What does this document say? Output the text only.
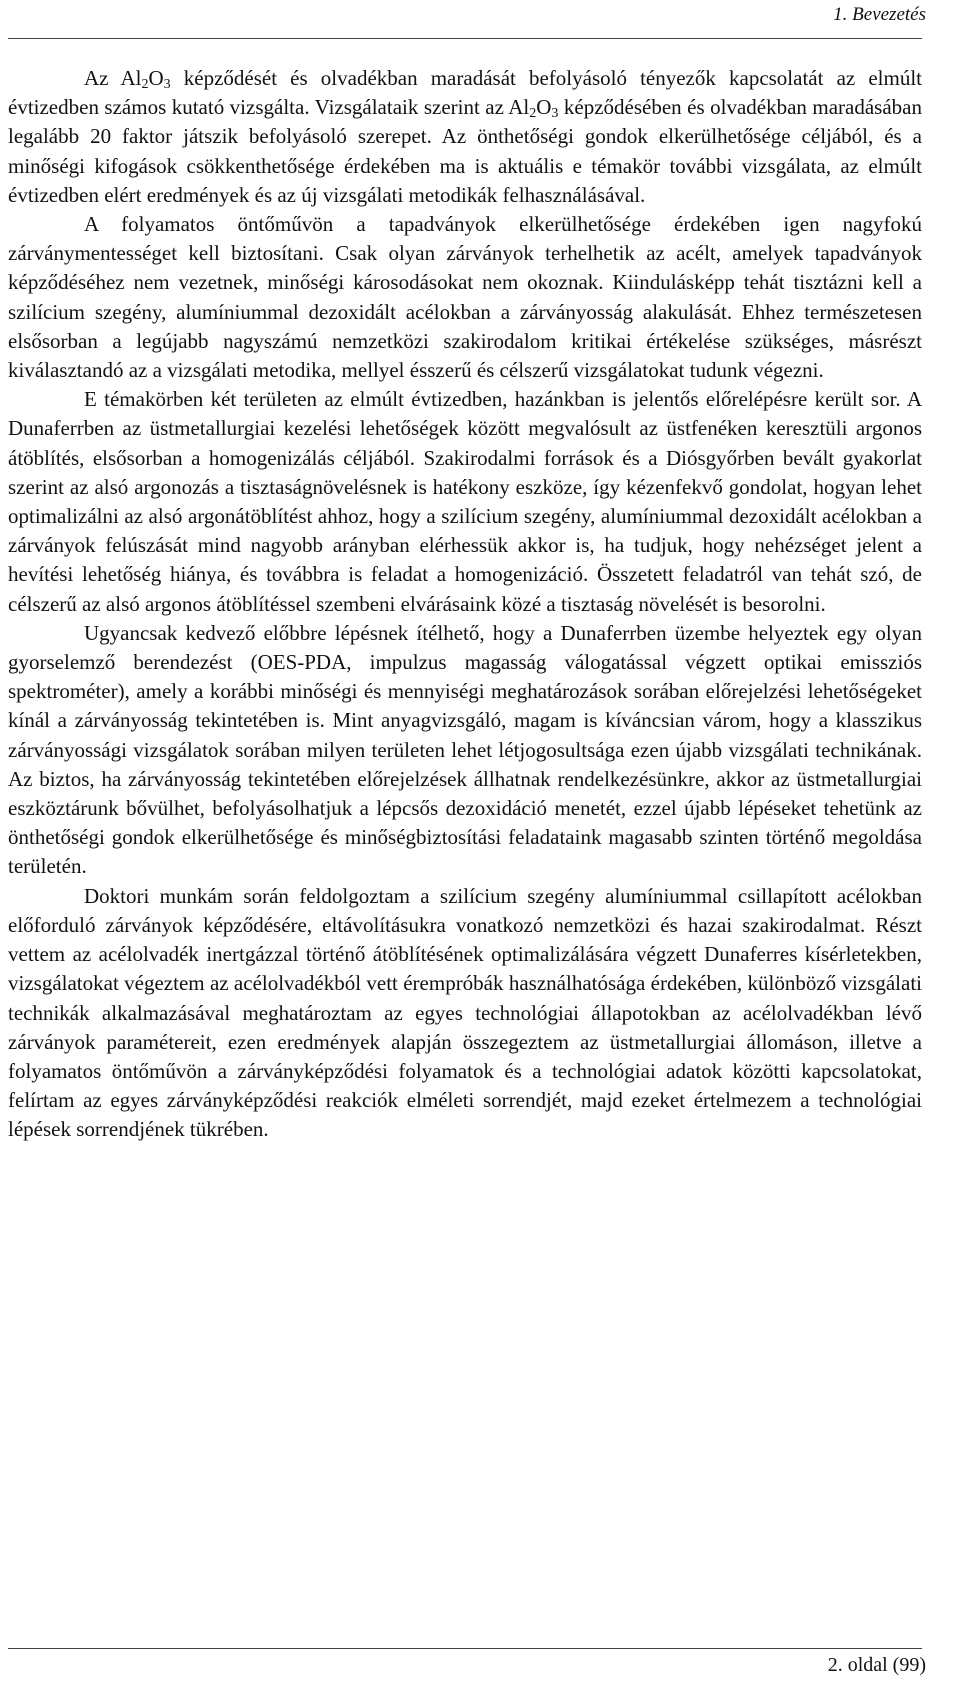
1. Bevezetés

Az $Al_2O_3$ képződését és olvadékban maradását befolyásoló tényezők kapcsolatát az elmúlt évtizedben számos kutató vizsgálta. Vizsgálataik szerint az $Al_2O_3$ képződésében és olvadékban maradásában legalább 20 faktor játszik befolyásoló szerepet. Az önthetőségi gondok elkerülhetősége céljából, és a minőségi kifogások csökkenthetősége érdekében ma is aktuális e témakör további vizsgálata, az elmúlt évtizedben elért eredmények és az új vizsgálati metodikák felhasználásával.

A folyamatos öntőművön a tapadványok elkerülhetősége érdekében igen nagyfokú zárványmentességet kell biztosítani. Csak olyan zárványok terhelhetik az acélt, amelyek tapadványok képződéséhez nem vezetnek, minőségi károsodásokat nem okoznak. Kiindulásképp tehát tisztázni kell a szilícium szegény, alumíniummal dezoxidált acélokban a zárványosság alakulását. Ehhez természetesen elsősorban a legújabb nagyszámú nemzetközi szakirodalom kritikai értékelése szükséges, másrészt kiválasztandó az a vizsgálati metodika, mellyel ésszerű és célszerű vizsgálatokat tudunk végezni.

E témakörben két területen az elmúlt évtizedben, hazánkban is jelentős előrelépésre került sor. A Dunaferrben az üstmetallurgiai kezelési lehetőségek között megvalósult az üstfenéken keresztüli argonos átöblítés, elsősorban a homogenizálás céljából. Szakirodalmi források és a Diósgyőrben bevált gyakorlat szerint az alsó argonozás a tisztaságnövelésnek is hatékony eszköze, így kézenfekvő gondolat, hogyan lehet optimalizálni az alsó argonátöblítést ahhoz, hogy a szilícium szegény, alumíniummal dezoxidált acélokban a zárványok felúszását mind nagyobb arányban elérhessük akkor is, ha tudjuk, hogy nehézséget jelent a hevítési lehetőség hiánya, és továbbra is feladat a homogenizáció. Összetett feladatról van tehát szó, de célszerű az alsó argonos átöblítéssel szembeni elvárásaink közé a tisztaság növelését is besorolni.

Ugyancsak kedvező előbbre lépésnek ítélhető, hogy a Dunaferrben üzembe helyeztek egy olyan gyorselemző berendezést (OES-PDA, impulzus magasság válogatással végzett optikai emissziós spektrométer), amely a korábbi minőségi és mennyiségi meghatározások sorában előrejelzési lehetőségeket kínál a zárványosság tekintetében is. Mint anyagvizsgáló, magam is kíváncsian várom, hogy a klasszikus zárványossági vizsgálatok sorában milyen területen lehet létjogosultsága ezen újabb vizsgálati technikának. Az biztos, ha zárványosság tekintetében előrejelzések állhatnak rendelkezésünkre, akkor az üstmetallurgiai eszköztárunk bővülhet, befolyásolhatjuk a lépcsős dezoxidáció menetét, ezzel újabb lépéseket tehetünk az önthetőségi gondok elkerülhetősége és minőségbiztosítási feladataink magasabb szinten történő megoldása területén.

Doktori munkám során feldolgoztam a szilícium szegény alumíniummal csillapított acélokban előforduló zárványok képződésére, eltávolításukra vonatkozó nemzetközi és hazai szakirodalmat. Részt vettem az acélolvadék inertgázzal történő átöblítésének optimalizálására végzett Dunaferres kísérletekben, vizsgálatokat végeztem az acélolvadékból vett érempróbák használhatósága érdekében, különböző vizsgálati technikák alkalmazásával meghatároztam az egyes technológiai állapotokban az acélolvadékban lévő zárványok paramétereit, ezen eredmények alapján összegeztem az üstmetallurgiai állomáson, illetve a folyamatos öntőművön a zárványképződési folyamatok és a technológiai adatok közötti kapcsolatokat, felírtam az egyes zárványképződési reakciók elméleti sorrendjét, majd ezeket értelmezem a technológiai lépések sorrendjének tükrében.

2. oldal (99)
